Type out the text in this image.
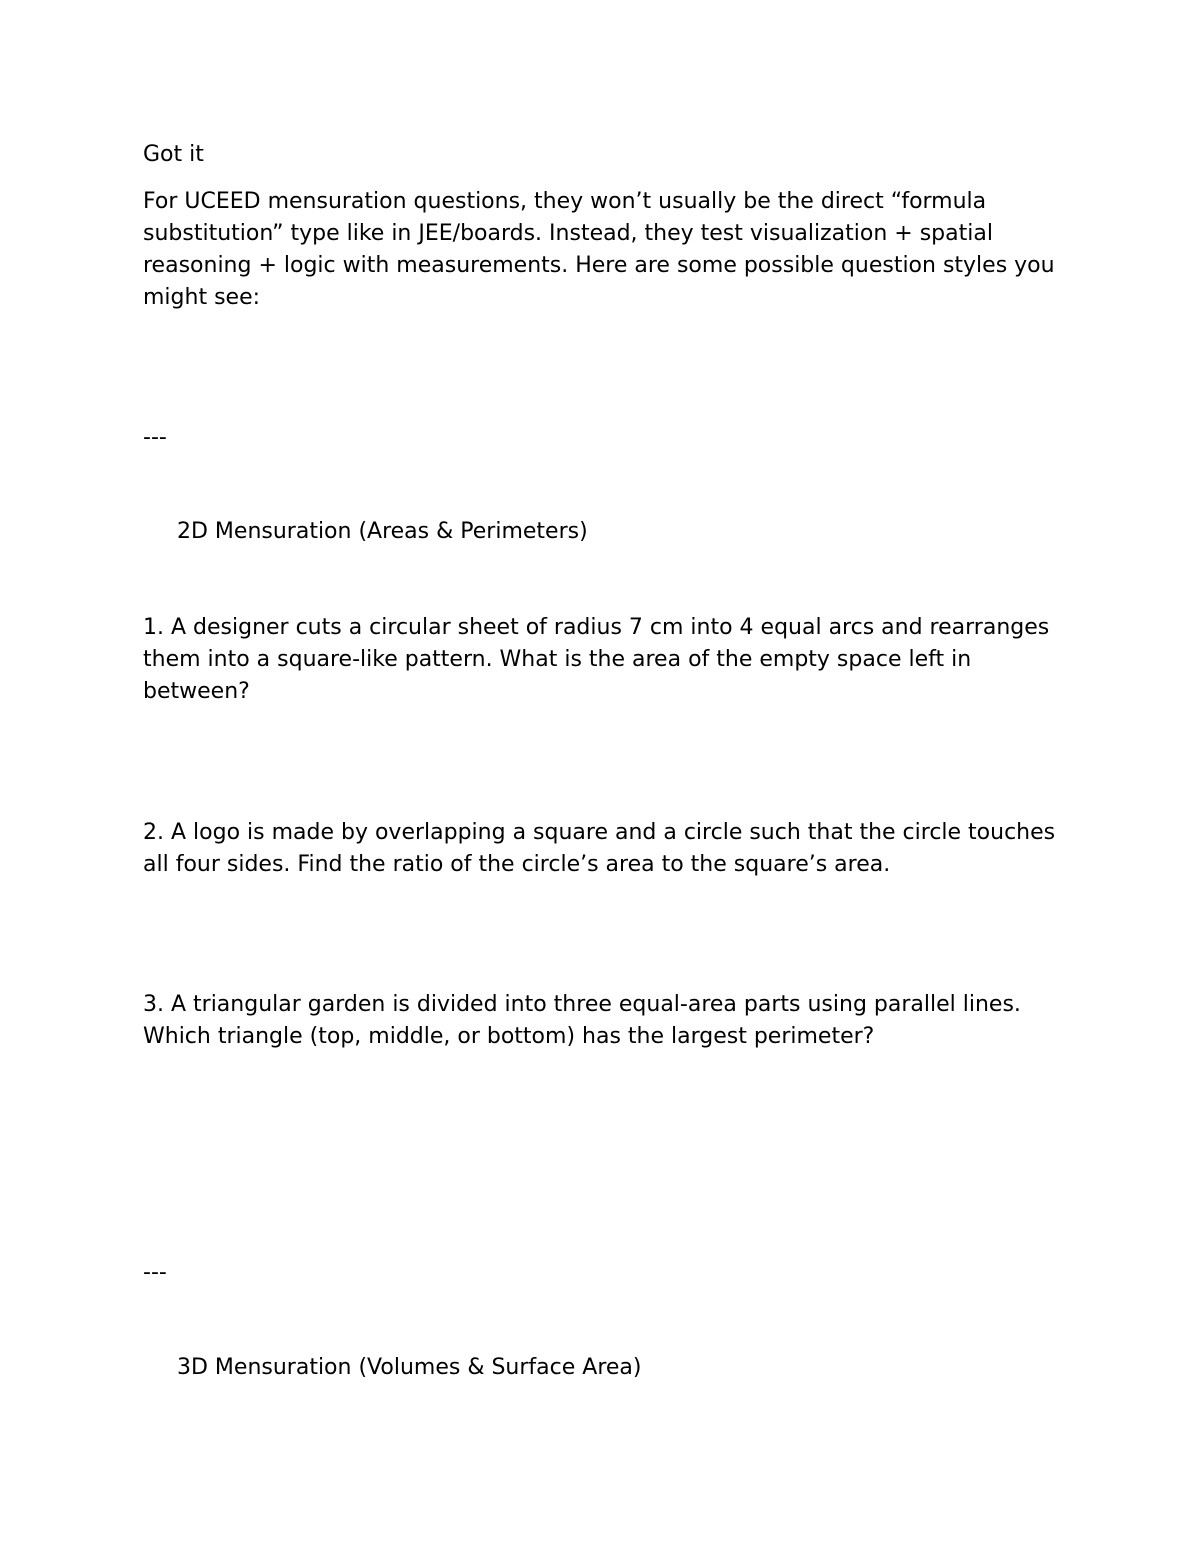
Got it

For UCEED mensuration questions, they won’t usually be the direct “formula substitution” type like in JEE/boards. Instead, they test visualization + spatial reasoning + logic with measurements. Here are some possible question styles you might see:

---

2D Mensuration (Areas & Perimeters)

1. A designer cuts a circular sheet of radius 7 cm into 4 equal arcs and rearranges them into a square-like pattern. What is the area of the empty space left in between?

2. A logo is made by overlapping a square and a circle such that the circle touches all four sides. Find the ratio of the circle’s area to the square’s area.

3. A triangular garden is divided into three equal-area parts using parallel lines. Which triangle (top, middle, or bottom) has the largest perimeter?

---

3D Mensuration (Volumes & Surface Area)
